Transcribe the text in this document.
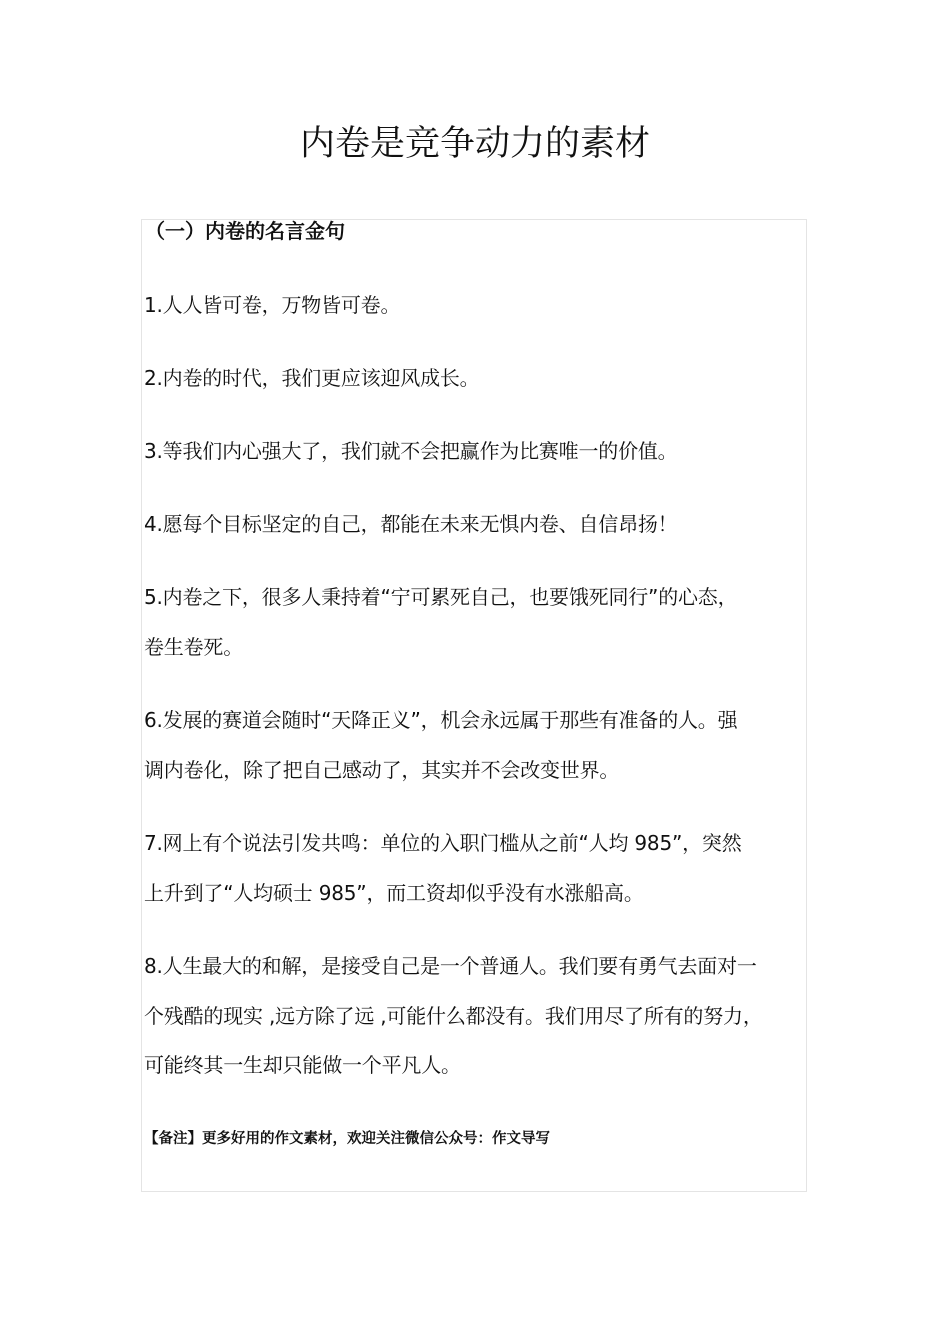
内卷是竞争动力的素材
（一）内卷的名言金句

1.人人皆可卷，万物皆可卷。

2.内卷的时代，我们更应该迎风成长。

3.等我们内心强大了，我们就不会把赢作为比赛唯一的价值。

4.愿每个目标坚定的自己，都能在未来无惧内卷、自信昂扬！

5.内卷之下，很多人秉持着“宁可累死自己，也要饿死同行”的心态，
卷生卷死。

6.发展的赛道会随时“天降正义”，机会永远属于那些有准备的人。强
调内卷化，除了把自己感动了，其实并不会改变世界。

7.网上有个说法引发共鸣：单位的入职门槛从之前“人均 985”，突然
上升到了“人均硕士 985”，而工资却似乎没有水涨船高。

8.人生最大的和解，是接受自己是一个普通人。我们要有勇气去面对一
个残酷的现实 ,远方除了远 ,可能什么都没有。我们用尽了所有的努力，
可能终其一生却只能做一个平凡人。

【备注】更多好用的作文素材，欢迎关注微信公众号：作文导写
